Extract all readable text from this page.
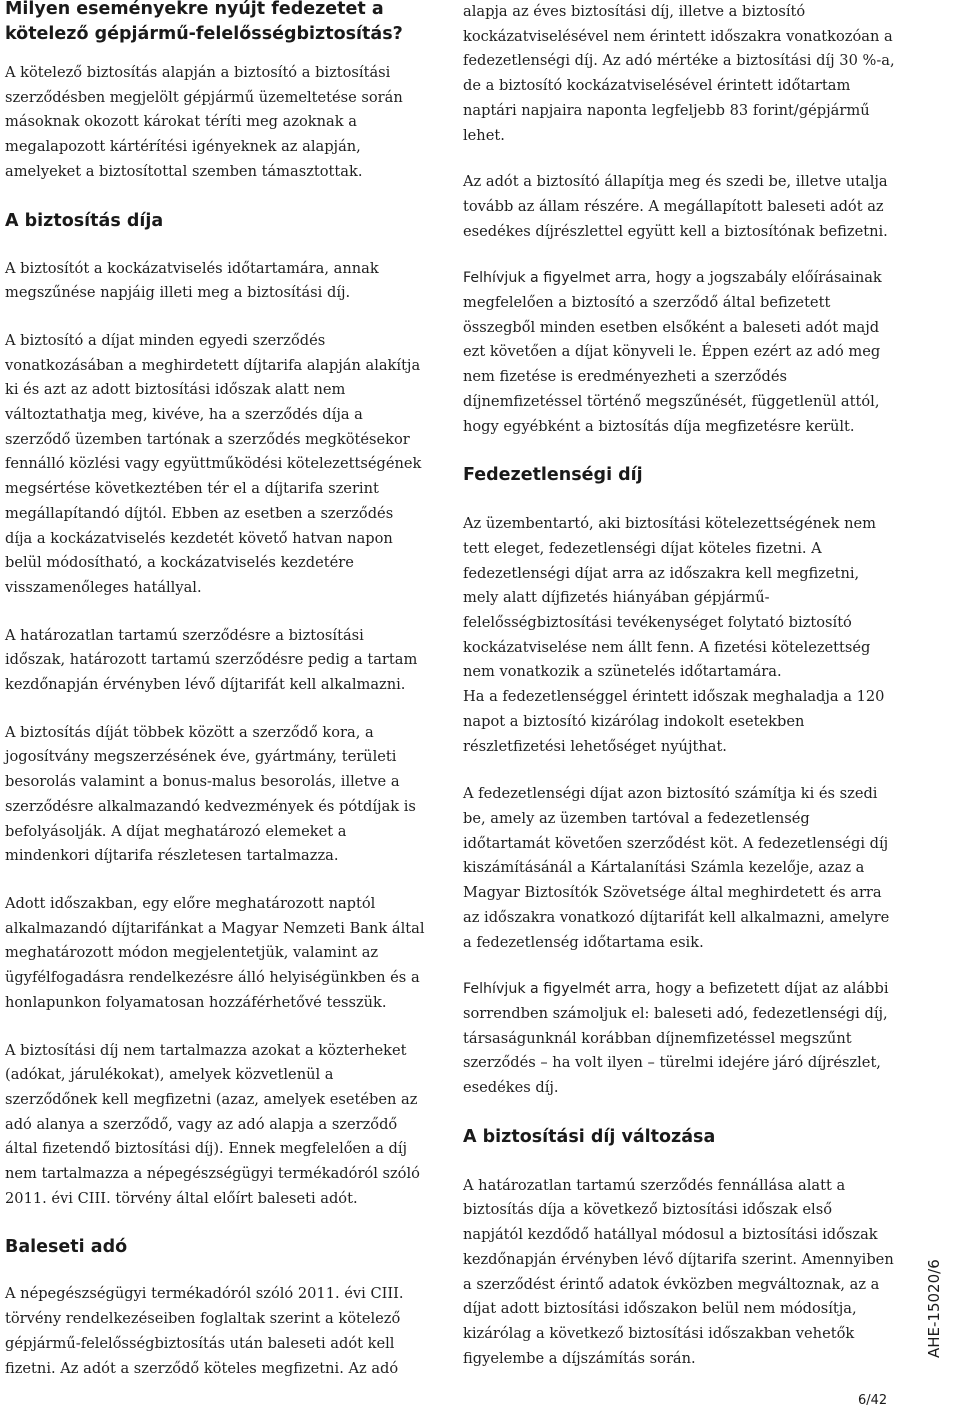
Milyen eseményekre nyújt fedezetet a kötelező gépjármű-felelősségbiztosítás?

A kötelező biztosítás alapján a biztosító a biztosítási szerződésben megjelölt gépjármű üzemeltetése során másoknak okozott károkat téríti meg azoknak a megalapozott kártérítési igényeknek az alapján, amelyeket a biztosítottal szemben támasztottak.

A biztosítás díja

A biztosítót a kockázatviselés időtartamára, annak megszűnése napjáig illeti meg a biztosítási díj.

A biztosító a díjat minden egyedi szerződés vonatkozásában a meghirdetett díjtarifa alapján alakítja ki és azt az adott biztosítási időszak alatt nem változtathatja meg, kivéve, ha a szerződés díja a szerződő üzemben tartónak a szerződés megkötésekor fennálló közlési vagy együttműködési kötelezettségének megsértése következtében tér el a díjtarifa szerint megállapítandó díjtól. Ebben az esetben a szerződés díja a kockázatviselés kezdetét követő hatvan napon belül módosítható, a kockázatviselés kezdetére visszamenőleges hatállyal.

A határozatlan tartamú szerződésre a biztosítási időszak, határozott tartamú szerződésre pedig a tartam kezdőnapján érvényben lévő díjtarifát kell alkalmazni.

A biztosítás díját többek között a szerződő kora, a jogosítvány megszerzésének éve, gyártmány, területi besorolás valamint a bonus-malus besorolás, illetve a szerződésre alkalmazandó kedvezmények és pótdíjak is befolyásolják. A díjat meghatározó elemeket a mindenkori díjtarifa részletesen tartalmazza.

Adott időszakban, egy előre meghatározott naptól alkalmazandó díjtarifánkat a Magyar Nemzeti Bank által meghatározott módon megjelentetjük, valamint az ügyfélfogadásra rendelkezésre álló helyiségünkben és a honlapunkon folyamatosan hozzáférhetővé tesszük.

A biztosítási díj nem tartalmazza azokat a közterheket (adókat, járulékokat), amelyek közvetlenül a szerződőnek kell megfizetni (azaz, amelyek esetében az adó alanya a szerződő, vagy az adó alapja a szerződő által fizetendő biztosítási díj). Ennek megfelelően a díj nem tartalmazza a népegészségügyi termékadóról szóló 2011. évi CIII. törvény által előírt baleseti adót.

Baleseti adó

A népegészségügyi termékadóról szóló 2011. évi CIII. törvény rendelkezéseiben foglaltak szerint a kötelező gépjármű-felelősségbiztosítás után baleseti adót kell fizetni. Az adót a szerződő köteles megfizetni. Az adó

alapja az éves biztosítási díj, illetve a biztosító kockázatviselésével nem érintett időszakra vonatkozóan a fedezetlenségi díj. Az adó mértéke a biztosítási díj 30 %-a, de a biztosító kockázatviselésével érintett időtartam naptári napjaira naponta legfeljebb 83 forint/gépjármű lehet.

Az adót a biztosító állapítja meg és szedi be, illetve utalja tovább az állam részére. A megállapított baleseti adót az esedékes díjrészlettel együtt kell a biztosítónak befizetni.

Felhívjuk a figyelmet arra, hogy a jogszabály előírásainak megfelelően a biztosító a szerződő által befizetett összegből minden esetben elsőként a baleseti adót majd ezt követően a díjat könyveli le. Éppen ezért az adó meg nem fizetése is eredményezheti a szerződés díjnemfizetéssel történő megszűnését, függetlenül attól, hogy egyébként a biztosítás díja megfizetésre került.

Fedezetlenségi díj

Az üzembentartó, aki biztosítási kötelezettségének nem tett eleget, fedezetlenségi díjat köteles fizetni. A fedezetlenségi díjat arra az időszakra kell megfizetni, mely alatt díjfizetés hiányában gépjármű-felelősségbiztosítási tevékenységet folytató biztosító kockázatviselése nem állt fenn. A fizetési kötelezettség nem vonatkozik a szünetelés időtartamára.

Ha a fedezetlenséggel érintett időszak meghaladja a 120 napot a biztosító kizárólag indokolt esetekben részletfizetési lehetőséget nyújthat.

A fedezetlenségi díjat azon biztosító számítja ki és szedi be, amely az üzemben tartóval a fedezetlenség időtartamát követően szerződést köt. A fedezetlenségi díj kiszámításánál a Kártalanítási Számla kezelője, azaz a Magyar Biztosítók Szövetsége által meghirdetett és arra az időszakra vonatkozó díjtarifát kell alkalmazni, amelyre a fedezetlenség időtartama esik.

Felhívjuk a figyelmét arra, hogy a befizetett díjat az alábbi sorrendben számoljuk el: baleseti adó, fedezetlenségi díj, társaságunknál korábban díjnemfizetéssel megszűnt szerződés – ha volt ilyen – türelmi idejére járó díjrészlet, esedékes díj.

A biztosítási díj változása

A határozatlan tartamú szerződés fennállása alatt a biztosítás díja a következő biztosítási időszak első napjától kezdődő hatállyal módosul a biztosítási időszak kezdőnapján érvényben lévő díjtarifa szerint. Amennyiben a szerződést érintő adatok évközben megváltoznak, az a díjat adott biztosítási időszakon belül nem módosítja, kizárólag a következő biztosítási időszakban vehetők figyelembe a díjszámítás során.

AHE-15020/6
6/42
